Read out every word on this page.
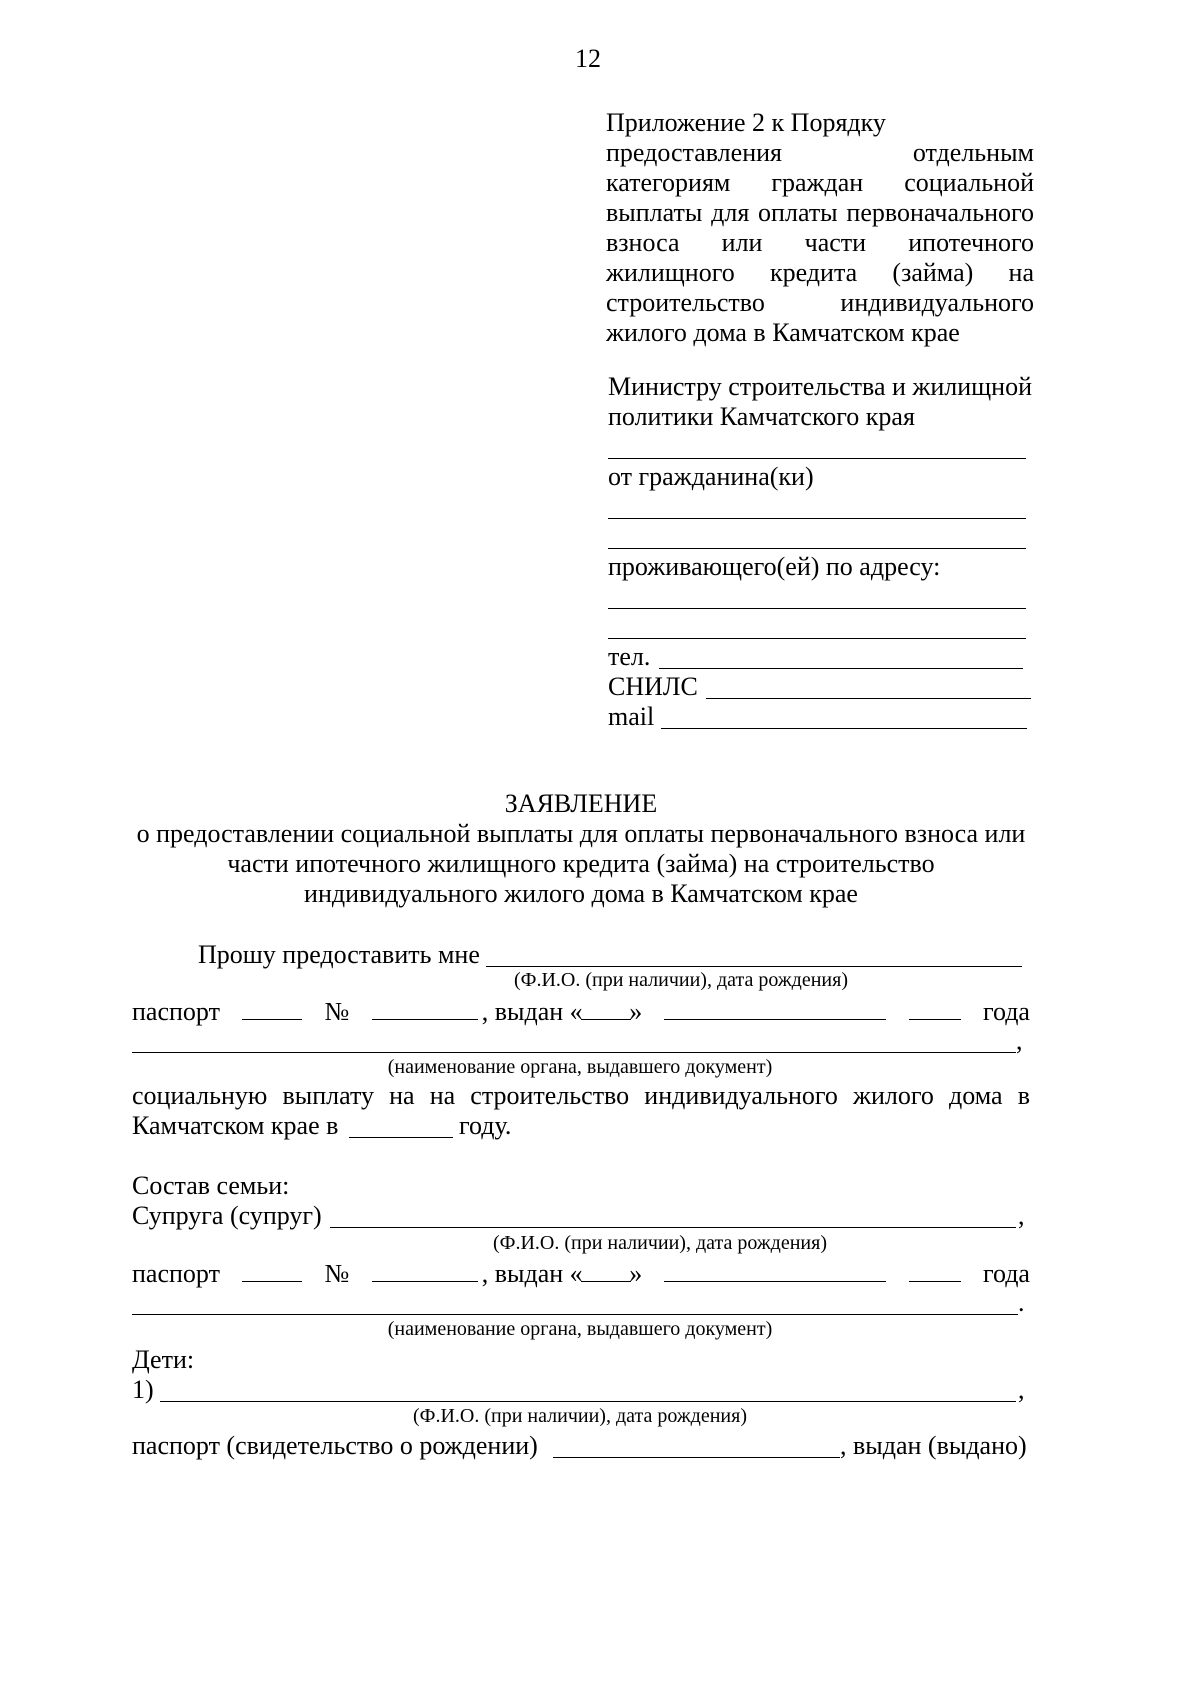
12
Приложение 2 к Порядку
предоставления отдельным
категориям граждан социальной
выплаты для оплаты первоначального
взноса или части ипотечного
жилищного кредита (займа) на
строительство индивидуального
жилого дома в Камчатском крае
Министру строительства и жилищной
политики Камчатского края
от гражданина(ки)
проживающего(ей) по адресу:
тел.
СНИЛС
mail
ЗАЯВЛЕНИЕ
о предоставлении социальной выплаты для оплаты первоначального взноса или
части ипотечного жилищного кредита (займа) на строительство
индивидуального жилого дома в Камчатском крае
Прошу предоставить мне
(Ф.И.О. (при наличии), дата рождения)
паспорт	№	, выдан « »	года
,
(наименование органа, выдавшего документ)
социальную выплату на на строительство индивидуального жилого дома в
Камчатском крае в	году.
Состав семьи:
Супруга (супруг)	,
(Ф.И.О. (при наличии), дата рождения)
паспорт	№	, выдан « »	года
.
(наименование органа, выдавшего документ)
Дети:
1)	,
(Ф.И.О. (при наличии), дата рождения)
паспорт (свидетельство о рождении)	, выдан (выдано)
